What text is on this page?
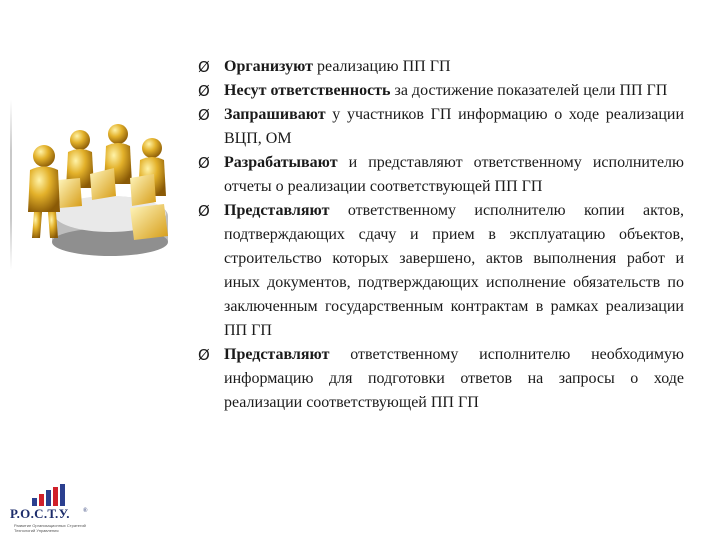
Ø Организуют реализацию ПП ГП
Ø Несут ответственность за достижение показателей цели ПП ГП
Ø Запрашивают у участников ГП информацию о ходе реализации ВЦП, ОМ
Ø Разрабатывают и представляют ответственному исполнителю отчеты о реализации соответствующей ПП ГП
Ø Представляют ответственному исполнителю копии актов, подтверждающих сдачу и прием в эксплуатацию объектов, строительство которых завершено, актов выполнения работ и иных документов, подтверждающих исполнение обязательств по заключенным государственным контрактам в рамках реализации ПП ГП
Ø Представляют ответственному исполнителю необходимую информацию для подготовки ответов на запросы о ходе реализации соответствующей ПП ГП
Р.О.С.Т.У.	®
Развитие Организационных Стратегий Технологий Управления
